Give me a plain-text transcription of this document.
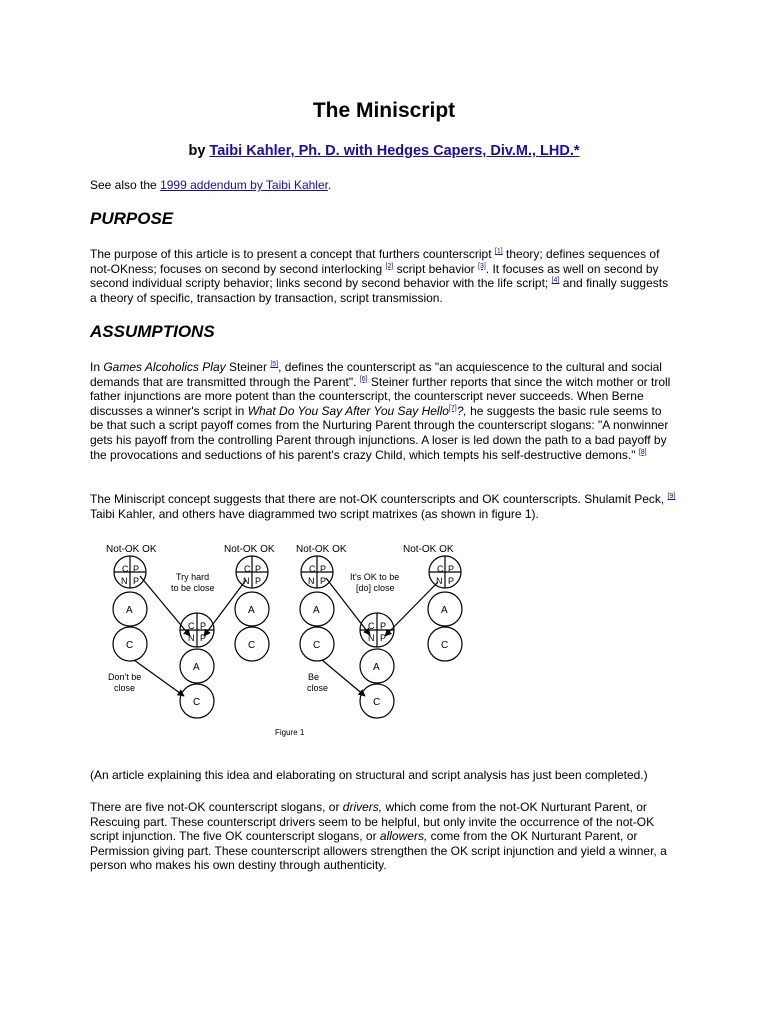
The Miniscript
by Taibi Kahler, Ph. D. with Hedges Capers, Div.M., LHD.*
See also the 1999 addendum by Taibi Kahler.
PURPOSE

The purpose of this article is to present a concept that furthers counterscript [1] theory; defines sequences of not-OKness; focuses on second by second interlocking [2] script behavior [3]. It focuses as well on second by second individual scripty behavior; links second by second behavior with the life script; [4] and finally suggests a theory of specific, transaction by transaction, script transmission.

ASSUMPTIONS

In Games Alcoholics Play Steiner [5], defines the counterscript as "an acquiescence to the cultural and social demands that are transmitted through the Parent". [6] Steiner further reports that since the witch mother or troll father injunctions are more potent than the counterscript, the counterscript never succeeds. When Berne discusses a winner's script in What Do You Say After You Say Hello[7]?, he suggests the basic rule seems to be that such a script payoff comes from the Nurturing Parent through the counterscript slogans: "A nonwinner gets his payoff from the controlling Parent through injunctions. A loser is led down the path to a bad payoff by the provocations and seductions of his parent's crazy Child, which tempts his self-destructive demons." [8]

The Miniscript concept suggests that there are not-OK counterscripts and OK counterscripts. Shulamit Peck, [9] Taibi Kahler, and others have diagrammed two script matrixes (as shown in figure 1).

Not-OK OK	Not-OK OK Not-OK OK	Not-OK OK
C P
N P
C P
N P
C P
N P
A
C
A
C
A
C
Try hard
to be close
Don't be
close
C P
N P
C P
N P
C P
N P
A
C
A
C
A
C
It's OK to be
[do] close
Be
close
Figure 1

(An article explaining this idea and elaborating on structural and script analysis has just been completed.)

There are five not-OK counterscript slogans, or drivers, which come from the not-OK Nurturant Parent, or Rescuing part. These counterscript drivers seem to be helpful, but only invite the occurrence of the not-OK script injunction. The five OK counterscript slogans, or allowers, come from the OK Nurturant Parent, or Permission giving part. These counterscript allowers strengthen the OK script injunction and yield a winner, a person who makes his own destiny through authenticity.
